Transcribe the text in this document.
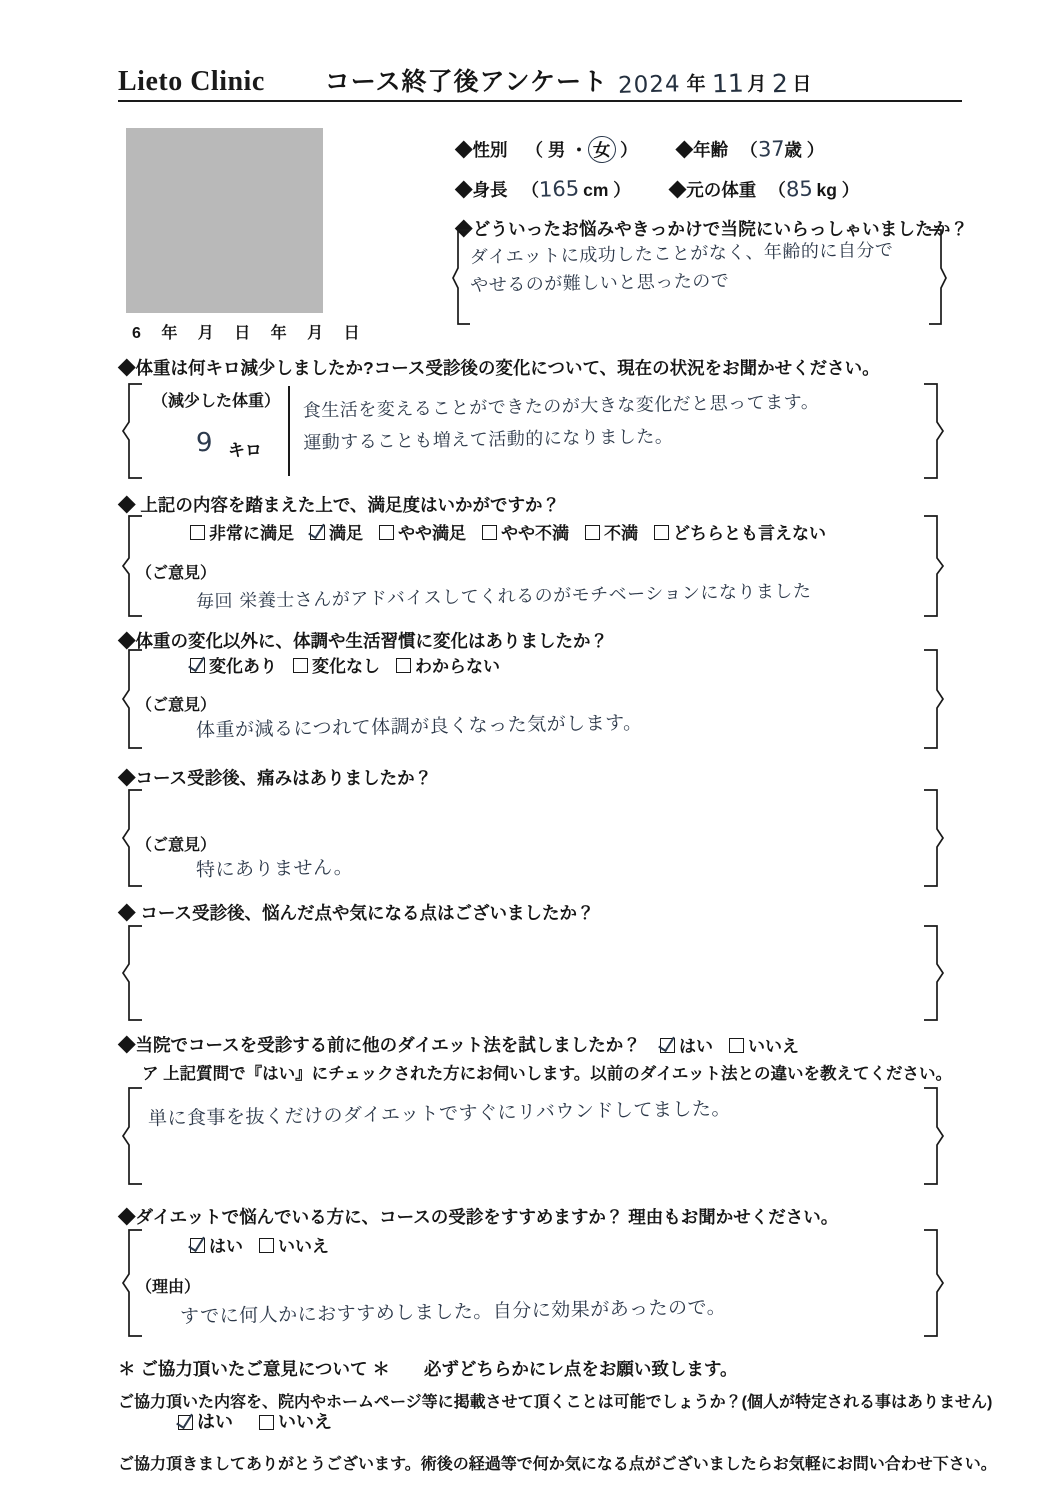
Lieto Clinic コース終了後アンケート 2024 年 11 月 2 日
6 年 月 日 年 月 日
◆性別 （ 男 ・ 女 ） ◆年齢 （ 37 歳 ）
◆身長 （ 165 cm ） ◆元の体重 （ 85 kg ）
◆どういったお悩みやきっかけで当院にいらっしゃいましたか？
ダイエットに成功したことがなく、年齢的に自分で
やせるのが難しいと思ったので
◆体重は何キロ減少しましたか?コース受診後の変化について、現在の状況をお聞かせください。
（減少した体重）
9 キロ
食生活を変えることができたのが大きな変化だと思ってます。
運動することも増えて活動的になりました。
◆ 上記の内容を踏まえた上で、満足度はいかがですか？
非常に満足 満足 やや満足 やや不満 不満 どちらとも言えない
（ご意見）
毎回 栄養士さんがアドバイスしてくれるのがモチベーションになりました
◆体重の変化以外に、体調や生活習慣に変化はありましたか？
変化あり 変化なし わからない
（ご意見）
体重が減るにつれて体調が良くなった気がします。
◆コース受診後、痛みはありましたか？
（ご意見）
特にありません。
◆ コース受診後、悩んだ点や気になる点はございましたか？
◆当院でコースを受診する前に他のダイエット法を試しましたか？ はい いいえ
ア 上記質問で『はい』にチェックされた方にお伺いします。以前のダイエット法との違いを教えてください。
単に食事を抜くだけのダイエットですぐにリバウンドしてました。
◆ダイエットで悩んでいる方に、コースの受診をすすめますか？ 理由もお聞かせください。
はい いいえ
（理由）
すでに何人かにおすすめしました。自分に効果があったので。
＊ ご協力頂いたご意見について ＊ 必ずどちらかにレ点をお願い致します。
ご協力頂いた内容を、院内やホームページ等に掲載させて頂くことは可能でしょうか？(個人が特定される事はありません)
はい	いいえ
ご協力頂きましてありがとうございます。術後の経過等で何か気になる点がございましたらお気軽にお問い合わせ下さい。
